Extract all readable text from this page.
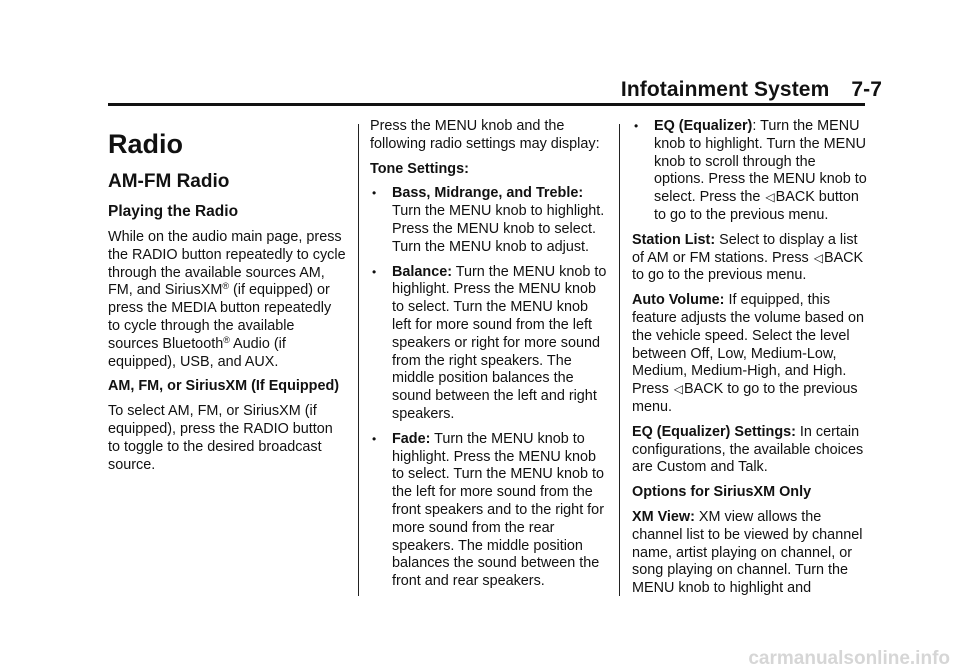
Infotainment System 7-7
Radio
AM-FM Radio
Playing the Radio

While on the audio main page, press the RADIO button repeatedly to cycle through the available sources AM, FM, and SiriusXM® (if equipped) or press the MEDIA button repeatedly to cycle through the available sources Bluetooth® Audio (if equipped), USB, and AUX.

AM, FM, or SiriusXM (If Equipped)

To select AM, FM, or SiriusXM (if equipped), press the RADIO button to toggle to the desired broadcast source.

Press the MENU knob and the following radio settings may display:

Tone Settings:

• Bass, Midrange, and Treble: Turn the MENU knob to highlight. Press the MENU knob to select. Turn the MENU knob to adjust.
• Balance: Turn the MENU knob to highlight. Press the MENU knob to select. Turn the MENU knob left for more sound from the left speakers or right for more sound from the right speakers. The middle position balances the sound between the left and right speakers.
• Fade: Turn the MENU knob to highlight. Press the MENU knob to select. Turn the MENU knob to the left for more sound from the front speakers and to the right for more sound from the rear speakers. The middle position balances the sound between the front and rear speakers.
• EQ (Equalizer): Turn the MENU knob to highlight. Turn the MENU knob to scroll through the options. Press the MENU knob to select. Press the ◁BACK button to go to the previous menu.

Station List: Select to display a list of AM or FM stations. Press ◁BACK to go to the previous menu.

Auto Volume: If equipped, this feature adjusts the volume based on the vehicle speed. Select the level between Off, Low, Medium-Low, Medium, Medium-High, and High. Press ◁BACK to go to the previous menu.

EQ (Equalizer) Settings: In certain configurations, the available choices are Custom and Talk.

Options for SiriusXM Only

XM View: XM view allows the channel list to be viewed by channel name, artist playing on channel, or song playing on channel. Turn the MENU knob to highlight and

carmanualsonline.info
